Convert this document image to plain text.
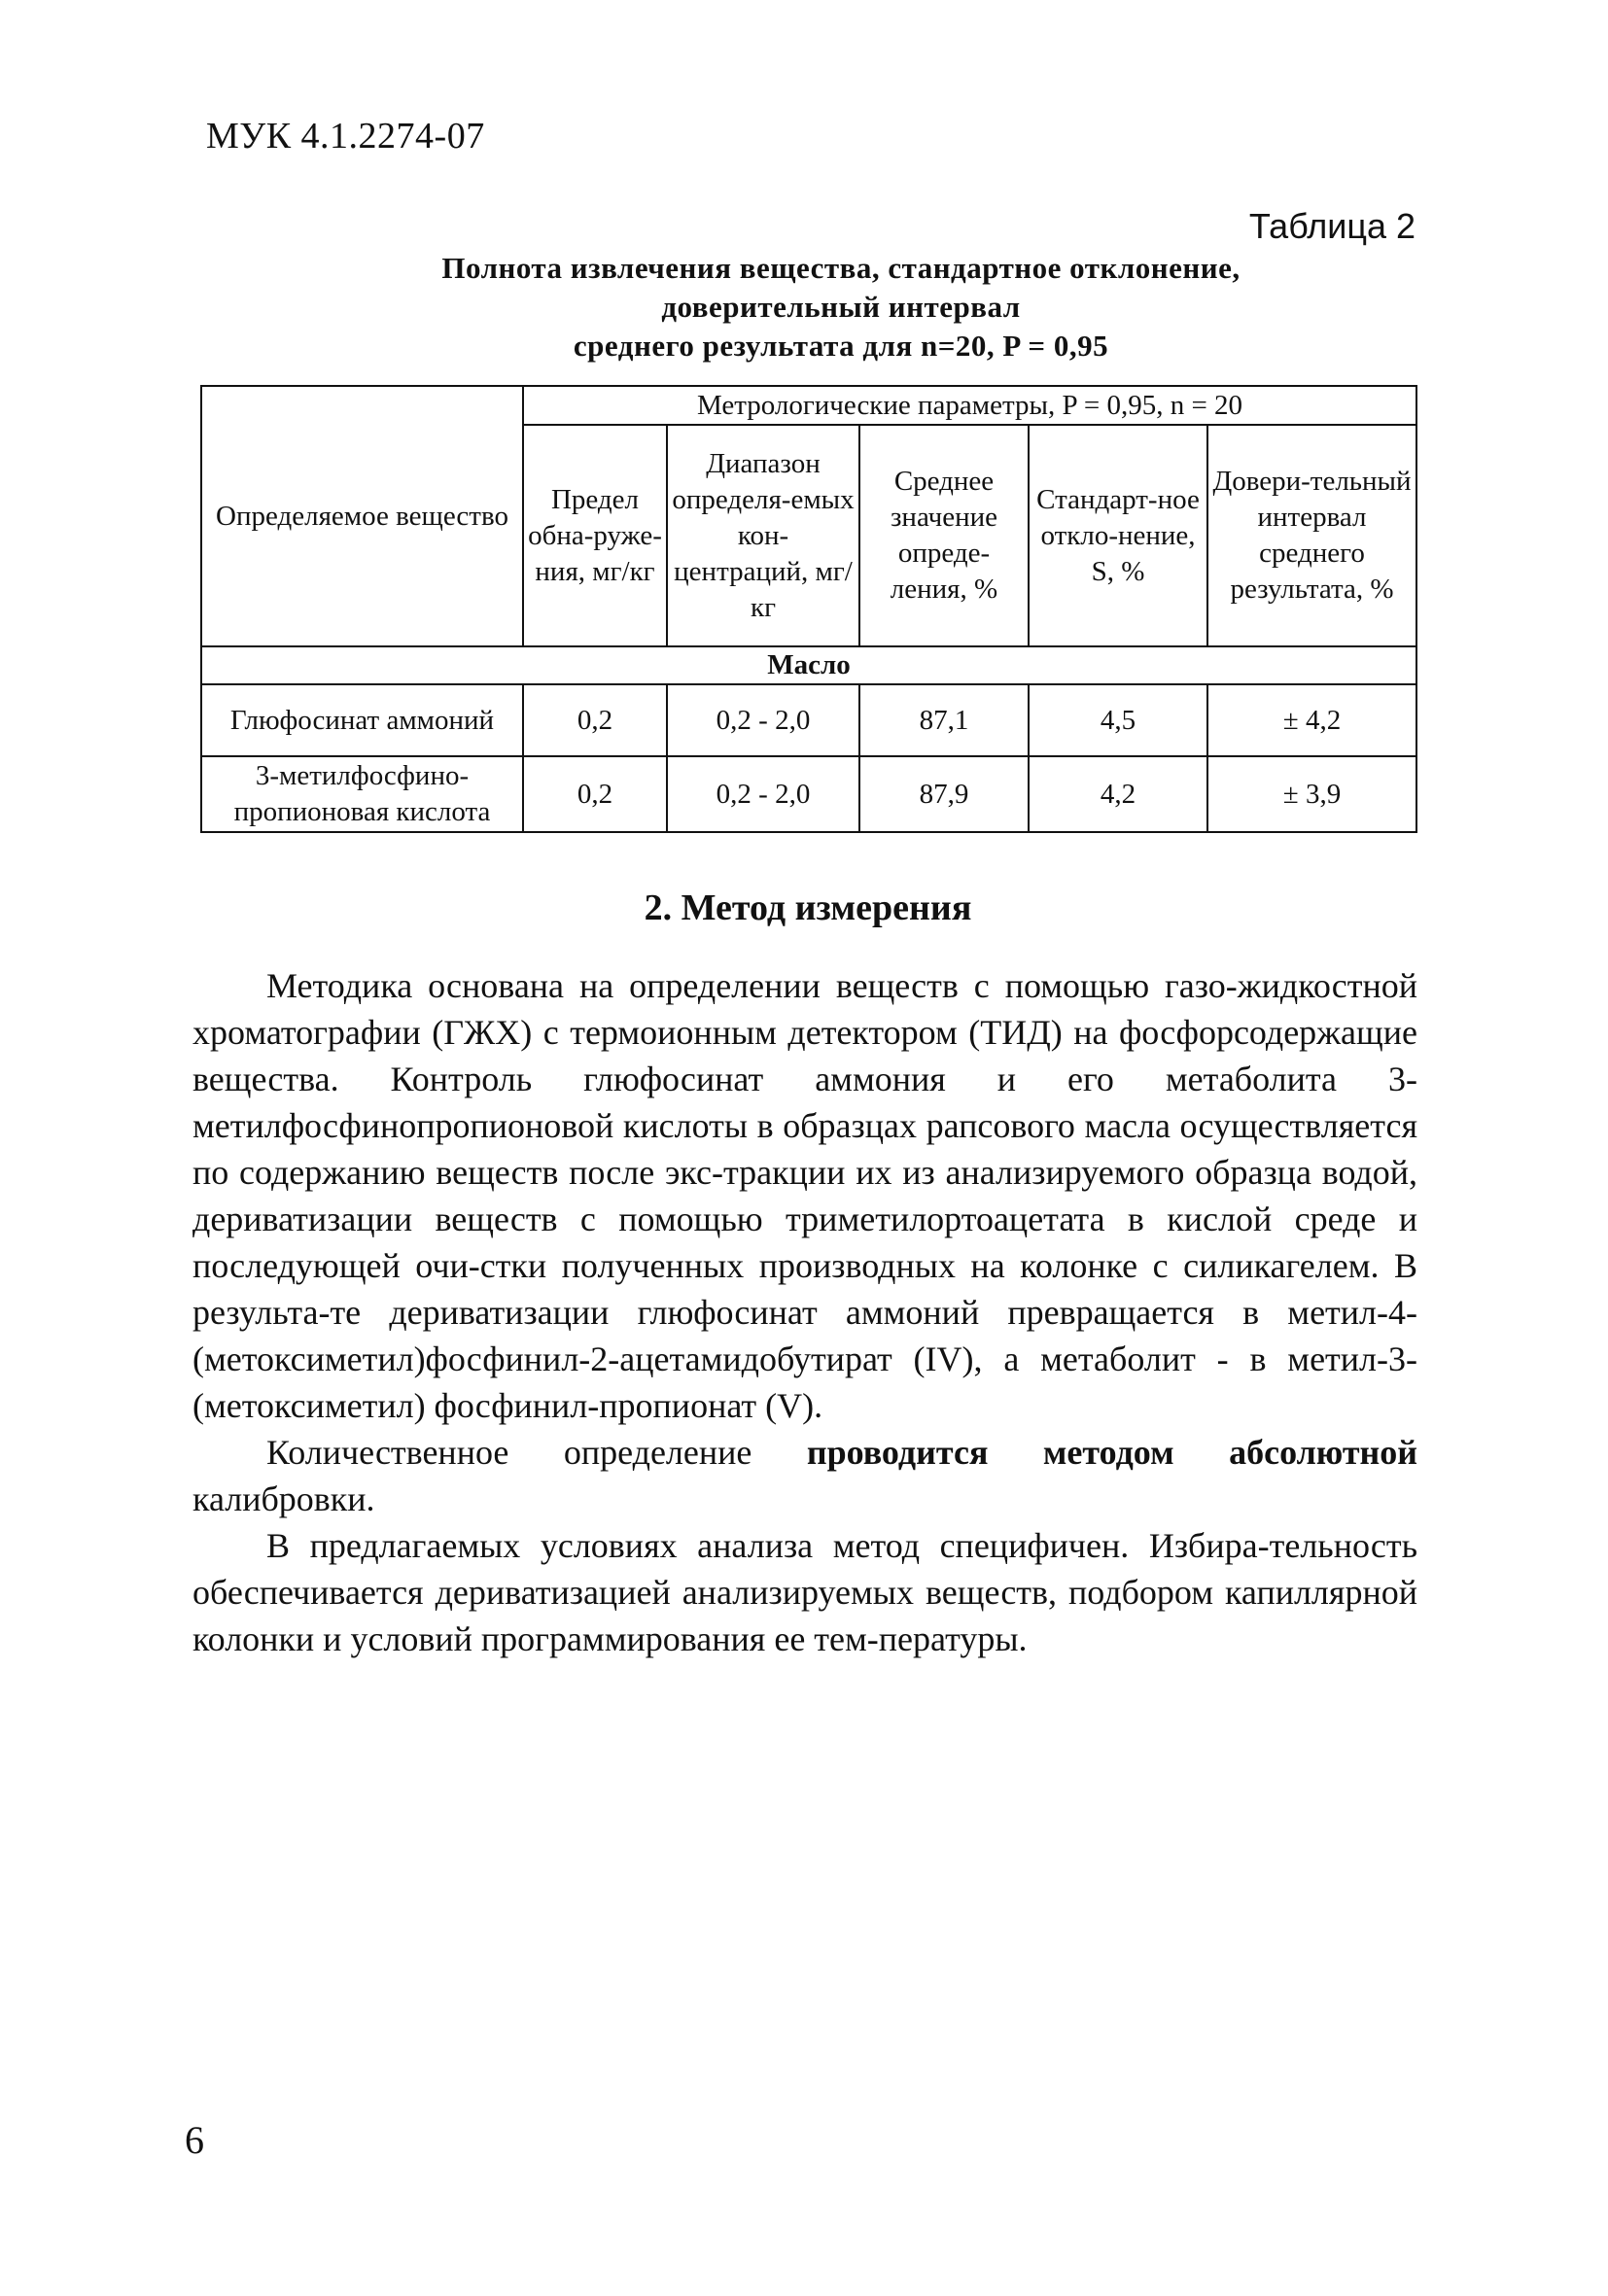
МУК 4.1.2274-07
Таблица 2
Полнота извлечения вещества, стандартное отклонение,
доверительный интервал
среднего результата для n=20, P = 0,95
Определяемое вещество	Метрологические параметры, P = 0,95, n = 20				
	Предел обна-руже-ния, мг/кг	Диапазон определя-емых кон-центраций, мг/кг	Среднее значение опреде-ления, %	Стандарт-ное откло-нение, S, %	Довери-тельный интервал среднего результата, %
Масло					
Глюфосинат аммоний	0,2	0,2 - 2,0	87,1	4,5	± 4,2
3-метилфосфино-пропионовая кислота	0,2	0,2 - 2,0	87,9	4,2	± 3,9
2. Метод измерения

Методика основана на определении веществ с помощью газо-жидкостной хроматографии (ГЖХ) с термоионным детектором (ТИД) на фосфорсодержащие вещества. Контроль глюфосинат аммония и его метаболита 3-метилфосфинопропионовой кислоты в образцах рапсового масла осуществляется по содержанию веществ после экс-тракции их из анализируемого образца водой, дериватизации веществ с помощью триметилортоацетата в кислой среде и последующей очи-стки полученных производных на колонке с силикагелем. В результа-те дериватизации глюфосинат аммоний превращается в метил-4-(метоксиметил)фосфинил-2-ацетамидобутират (IV), а метаболит - в метил-3-(метоксиметил) фосфинил-пропионат (V).

Количественное определение проводится методом абсолютной калибровки.

В предлагаемых условиях анализа метод специфичен. Избира-тельность обеспечивается дериватизацией анализируемых веществ, подбором капиллярной колонки и условий программирования ее тем-пературы.

6
